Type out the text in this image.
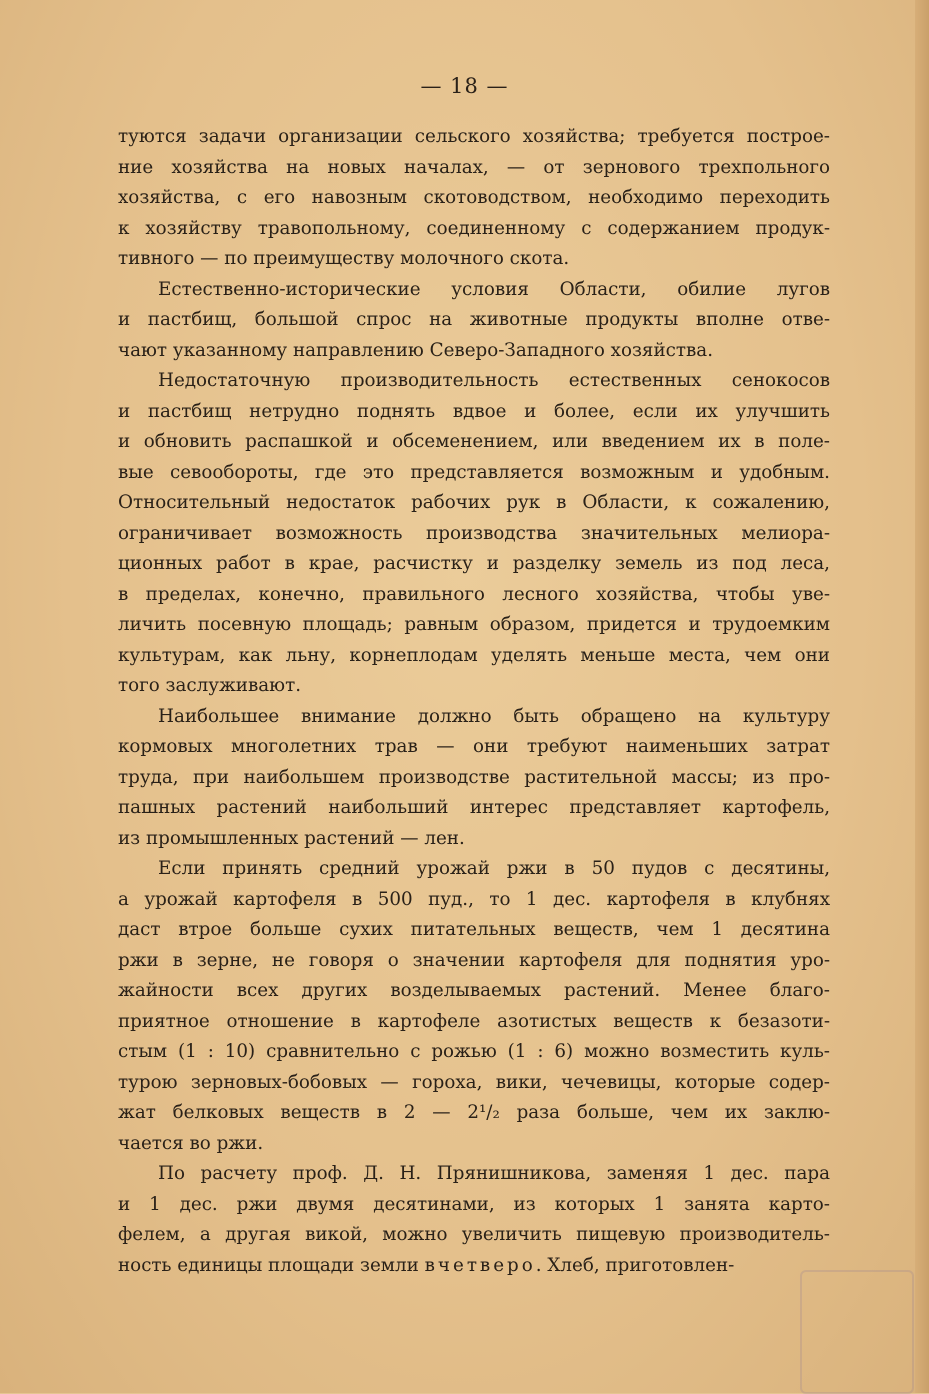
— 18 —
туются задачи организации сельского хозяйства; требуется построе-
ние хозяйства на новых началах, — от зернового трехпольного
хозяйства, с его навозным скотоводством, необходимо переходить
к хозяйству травопольному, соединенному с содержанием продук-
тивного — по преимуществу молочного скота.
Естественно-исторические условия Области, обилие лугов
и пастбищ, большой спрос на животные продукты вполне отве-
чают указанному направлению Северо-Западного хозяйства.
Недостаточную производительность естественных сенокосов
и пастбищ нетрудно поднять вдвое и более, если их улучшить
и обновить распашкой и обсеменением, или введением их в поле-
вые севообороты, где это представляется возможным и удобным.
Относительный недостаток рабочих рук в Области, к сожалению,
ограничивает возможность производства значительных мелиора-
ционных работ в крае, расчистку и разделку земель из под леса,
в пределах, конечно, правильного лесного хозяйства, чтобы уве-
личить посевную площадь; равным образом, придется и трудоемким
культурам, как льну, корнеплодам уделять меньше места, чем они
того заслуживают.
Наибольшее внимание должно быть обращено на культуру
кормовых многолетних трав — они требуют наименьших затрат
труда, при наибольшем производстве растительной массы; из про-
пашных растений наибольший интерес представляет картофель,
из промышленных растений — лен.
Если принять средний урожай ржи в 50 пудов с десятины,
а урожай картофеля в 500 пуд., то 1 дес. картофеля в клубнях
даст втрое больше сухих питательных веществ, чем 1 десятина
ржи в зерне, не говоря о значении картофеля для поднятия уро-
жайности всех других возделываемых растений. Менее благо-
приятное отношение в картофеле азотистых веществ к безазоти-
стым (1 : 10) сравнительно с рожью (1 : 6) можно возместить куль-
турою зерновых-бобовых — гороха, вики, чечевицы, которые содер-
жат белковых веществ в 2 — 2¹/₂ раза больше, чем их заклю-
чается во ржи.
По расчету проф. Д. Н. Прянишникова, заменяя 1 дес. пара
и 1 дес. ржи двумя десятинами, из которых 1 занята карто-
фелем, а другая викой, можно увеличить пищевую производитель-
ность единицы площади земли вчетверо. Хлеб, приготовлен-
